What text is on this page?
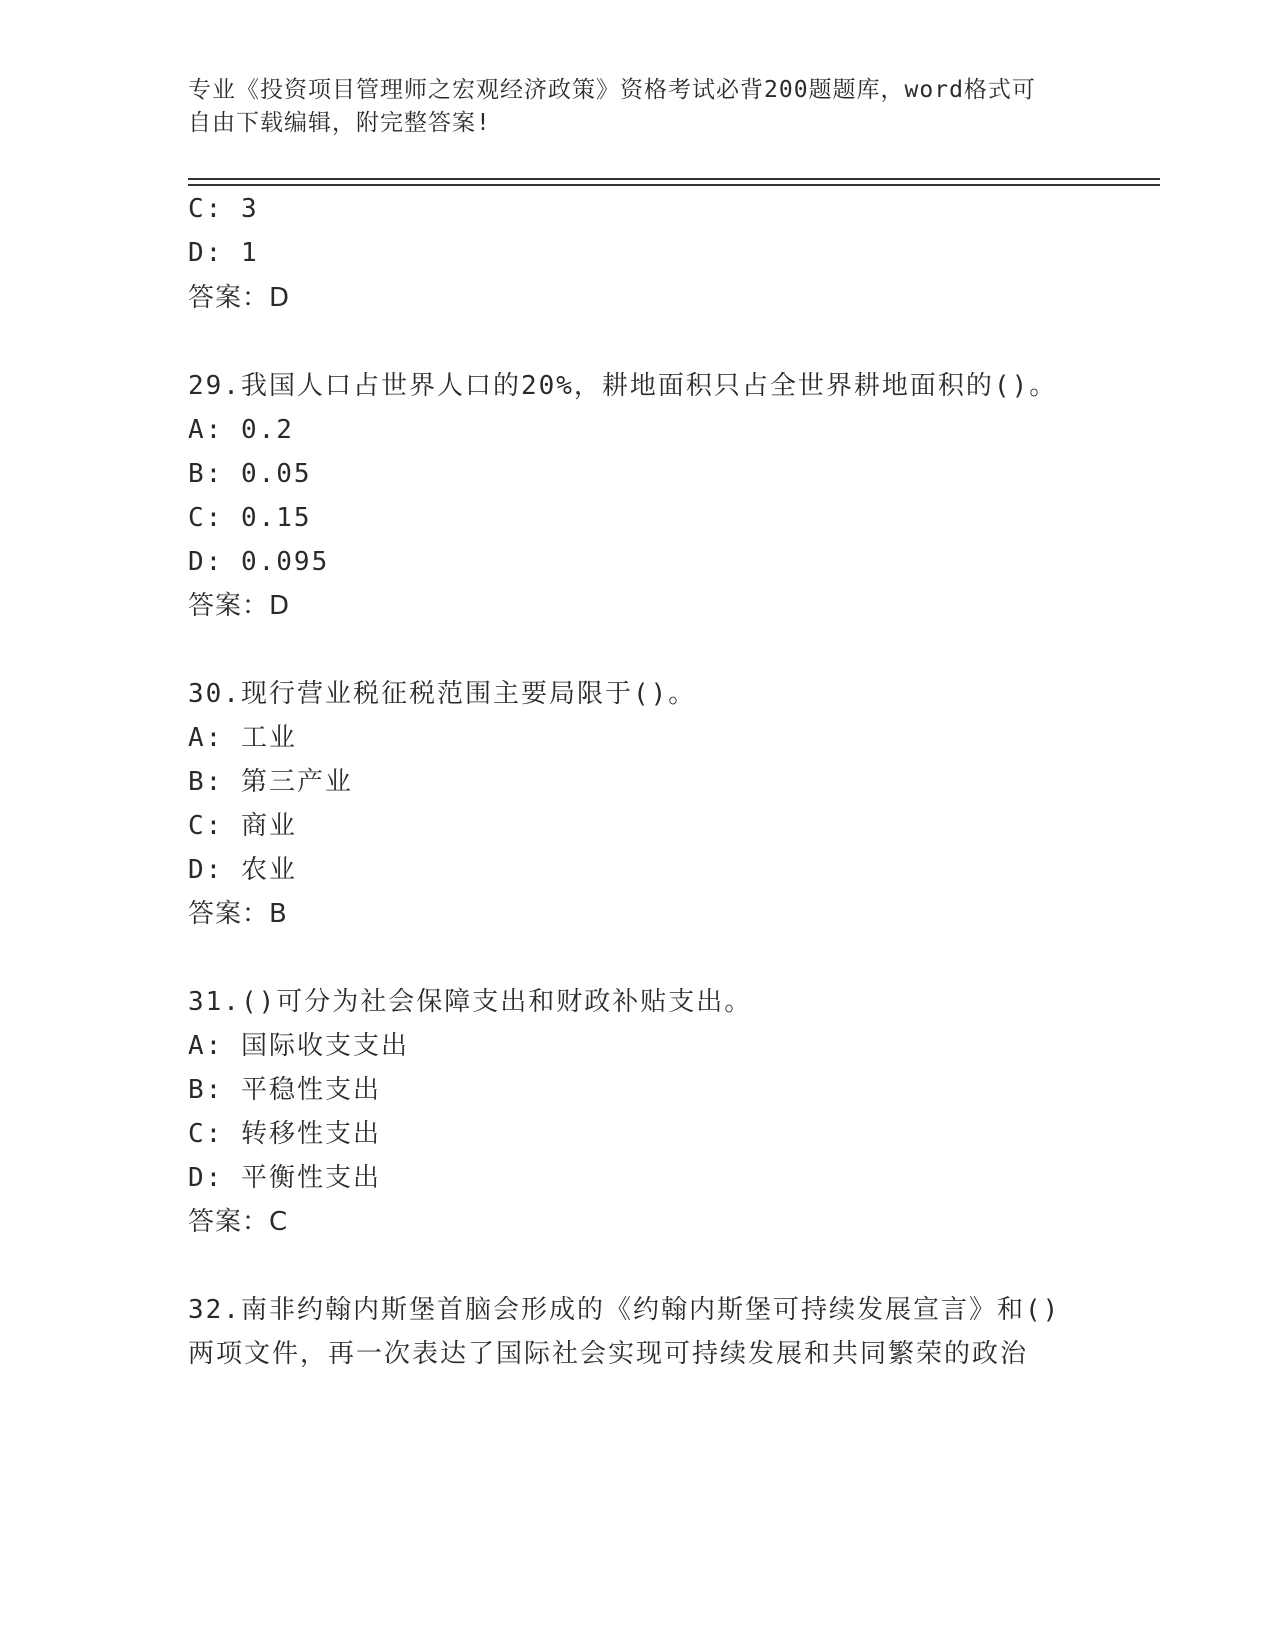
专业《投资项目管理师之宏观经济政策》资格考试必背200题题库，word格式可

自由下载编辑，附完整答案!

C: 3
D: 1
答案：D
29.我国人口占世界人口的20%，耕地面积只占全世界耕地面积的()。
A: 0.2
B: 0.05
C: 0.15
D: 0.095
答案：D
30.现行营业税征税范围主要局限于()。
A: 工业
B: 第三产业
C: 商业
D: 农业
答案：B
31.()可分为社会保障支出和财政补贴支出。
A: 国际收支支出
B: 平稳性支出
C: 转移性支出
D: 平衡性支出
答案：C
32.南非约翰内斯堡首脑会形成的《约翰内斯堡可持续发展宣言》和()
两项文件，再一次表达了国际社会实现可持续发展和共同繁荣的政治
